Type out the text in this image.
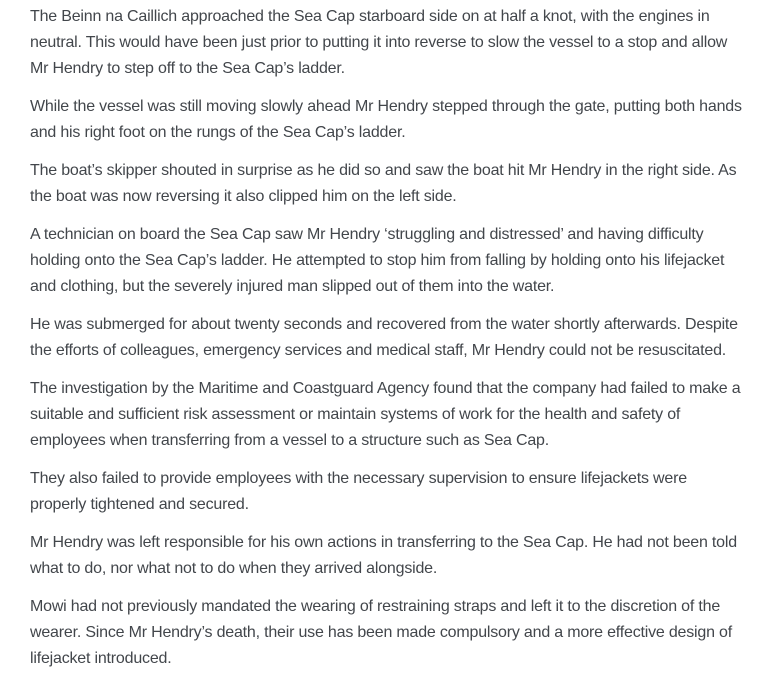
The Beinn na Caillich approached the Sea Cap starboard side on at half a knot, with the engines in neutral. This would have been just prior to putting it into reverse to slow the vessel to a stop and allow Mr Hendry to step off to the Sea Cap’s ladder.

While the vessel was still moving slowly ahead Mr Hendry stepped through the gate, putting both hands and his right foot on the rungs of the Sea Cap’s ladder.

The boat’s skipper shouted in surprise as he did so and saw the boat hit Mr Hendry in the right side. As the boat was now reversing it also clipped him on the left side.

A technician on board the Sea Cap saw Mr Hendry ‘struggling and distressed’ and having difficulty holding onto the Sea Cap’s ladder. He attempted to stop him from falling by holding onto his lifejacket and clothing, but the severely injured man slipped out of them into the water.

He was submerged for about twenty seconds and recovered from the water shortly afterwards. Despite the efforts of colleagues, emergency services and medical staff, Mr Hendry could not be resuscitated.

The investigation by the Maritime and Coastguard Agency found that the company had failed to make a suitable and sufficient risk assessment or maintain systems of work for the health and safety of employees when transferring from a vessel to a structure such as Sea Cap.

They also failed to provide employees with the necessary supervision to ensure lifejackets were properly tightened and secured.

Mr Hendry was left responsible for his own actions in transferring to the Sea Cap. He had not been told what to do, nor what not to do when they arrived alongside.

Mowi had not previously mandated the wearing of restraining straps and left it to the discretion of the wearer. Since Mr Hendry’s death, their use has been made compulsory and a more effective design of lifejacket introduced.
